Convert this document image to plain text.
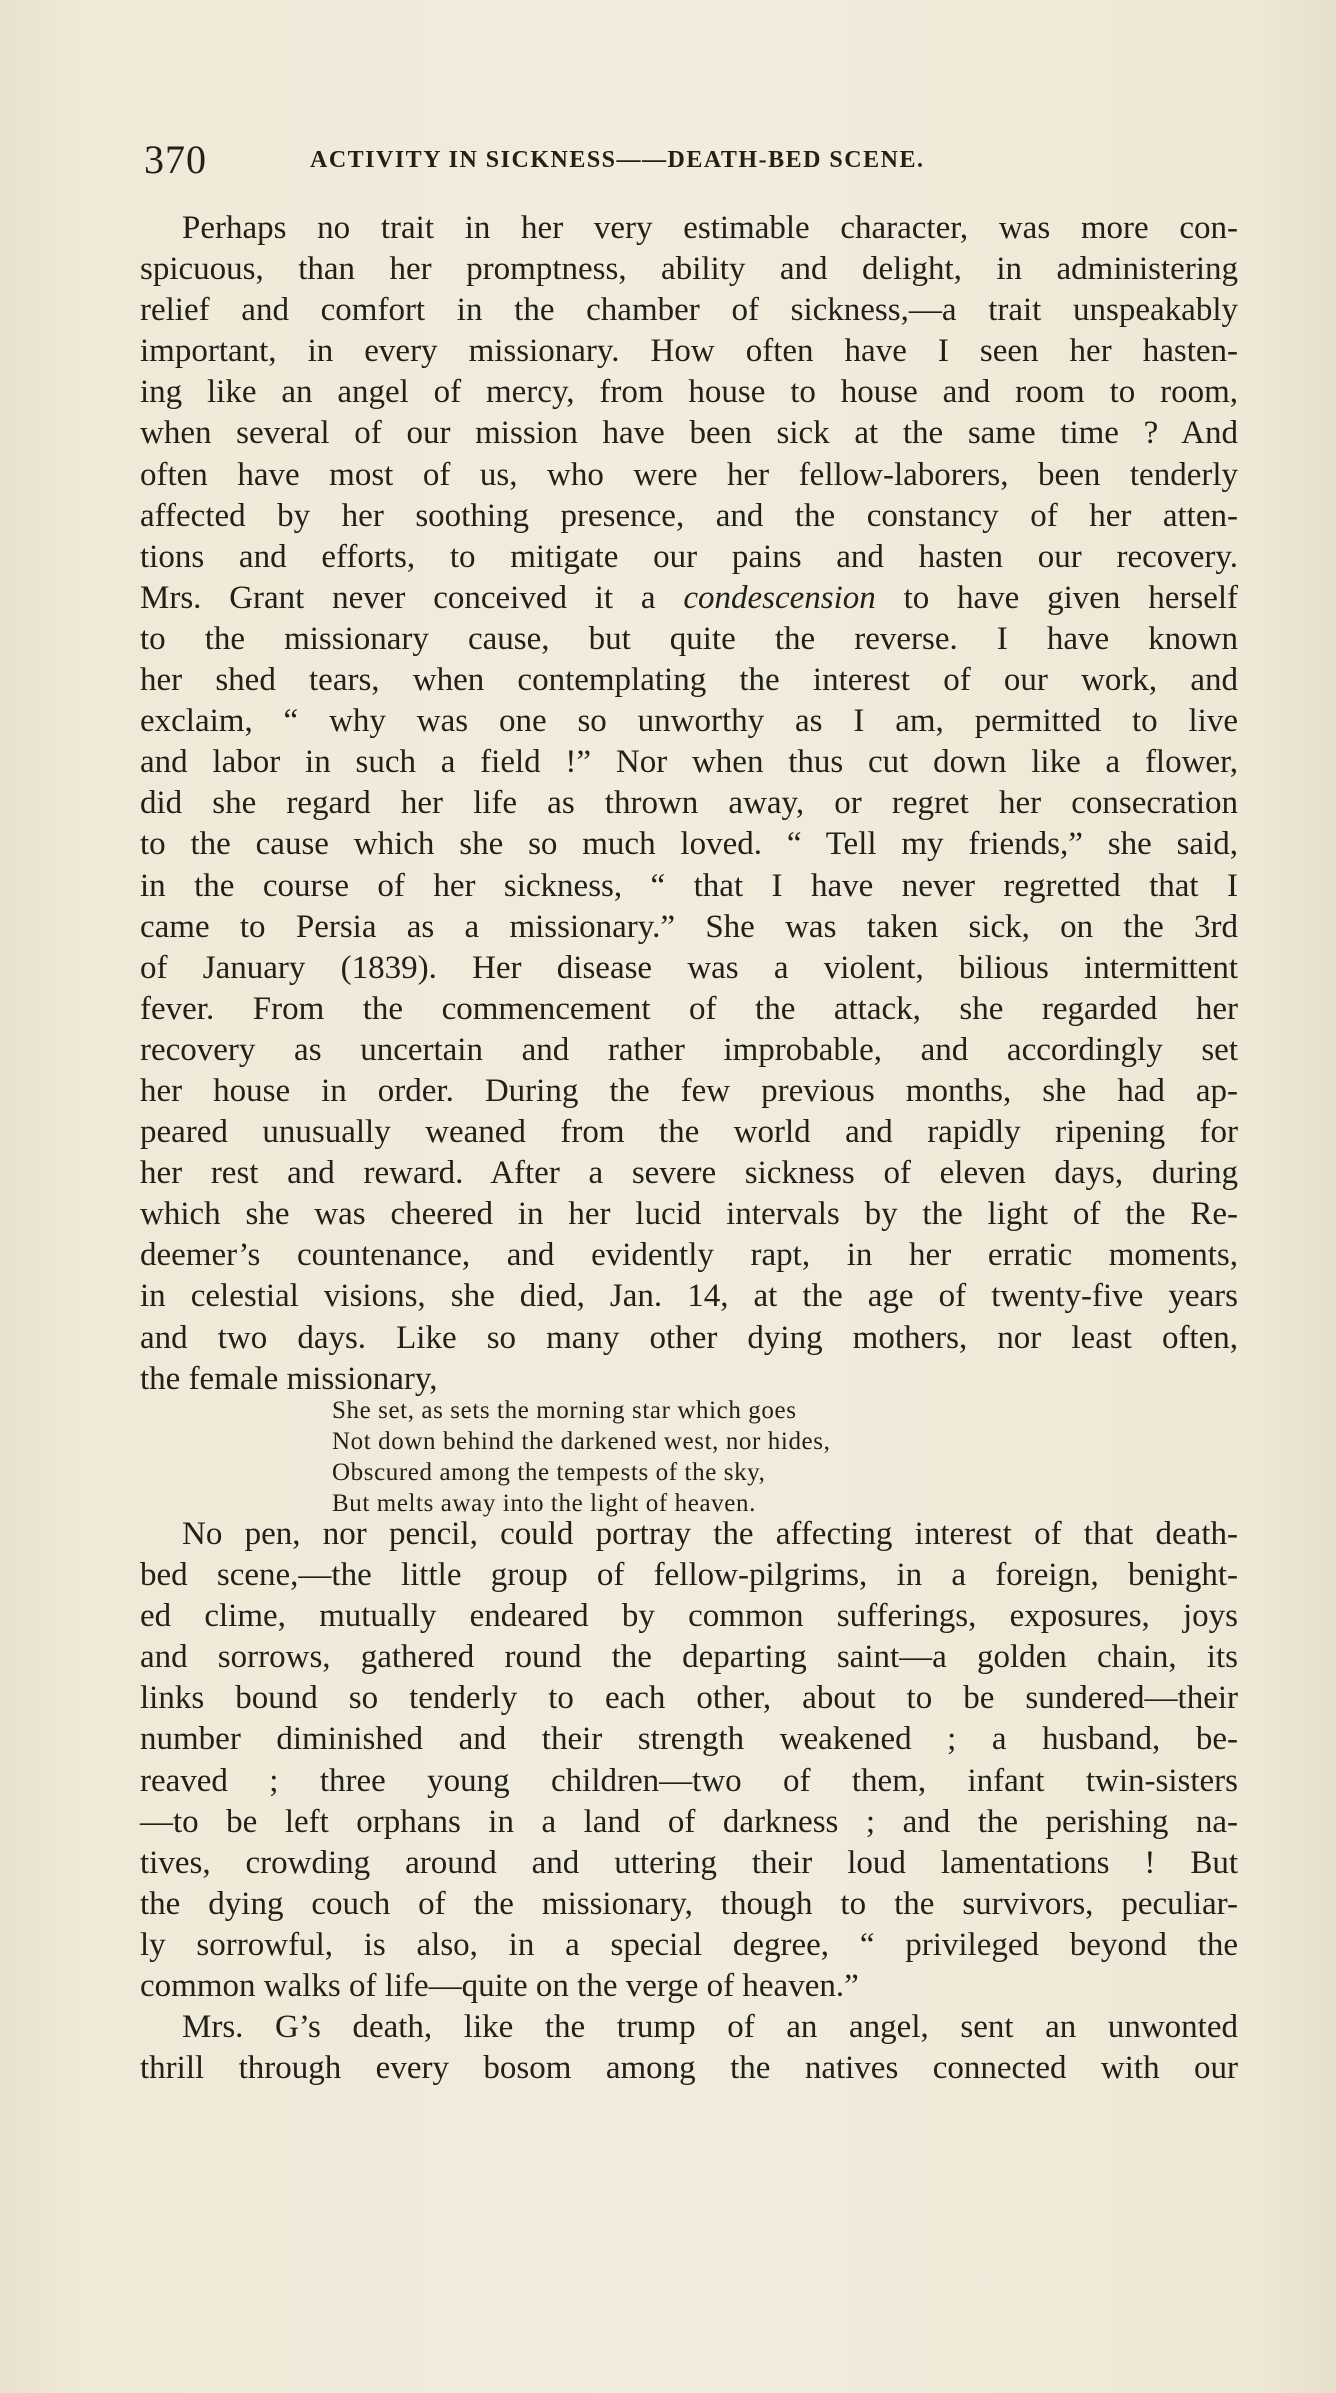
370	ACTIVITY IN SICKNESS——DEATH-BED SCENE.
Perhaps no trait in her very estimable character, was more con-
spicuous, than her promptness, ability and delight, in administering
relief and comfort in the chamber of sickness,—a trait unspeakably
important, in every missionary. How often have I seen her hasten-
ing like an angel of mercy, from house to house and room to room,
when several of our mission have been sick at the same time ? And
often have most of us, who were her fellow-laborers, been tenderly
affected by her soothing presence, and the constancy of her atten-
tions and efforts, to mitigate our pains and hasten our recovery.
Mrs. Grant never conceived it a condescension to have given herself
to the missionary cause, but quite the reverse. I have known
her shed tears, when contemplating the interest of our work, and
exclaim, “ why was one so unworthy as I am, permitted to live
and labor in such a field !” Nor when thus cut down like a flower,
did she regard her life as thrown away, or regret her consecration
to the cause which she so much loved. “ Tell my friends,” she said,
in the course of her sickness, “ that I have never regretted that I
came to Persia as a missionary.” She was taken sick, on the 3rd
of January (1839). Her disease was a violent, bilious intermittent
fever. From the commencement of the attack, she regarded her
recovery as uncertain and rather improbable, and accordingly set
her house in order. During the few previous months, she had ap-
peared unusually weaned from the world and rapidly ripening for
her rest and reward. After a severe sickness of eleven days, during
which she was cheered in her lucid intervals by the light of the Re-
deemer’s countenance, and evidently rapt, in her erratic moments,
in celestial visions, she died, Jan. 14, at the age of twenty-five years
and two days. Like so many other dying mothers, nor least often,
the female missionary,
She set, as sets the morning star which goes
Not down behind the darkened west, nor hides,
Obscured among the tempests of the sky,
But melts away into the light of heaven.
No pen, nor pencil, could portray the affecting interest of that death-
bed scene,—the little group of fellow-pilgrims, in a foreign, benight-
ed clime, mutually endeared by common sufferings, exposures, joys
and sorrows, gathered round the departing saint—a golden chain, its
links bound so tenderly to each other, about to be sundered—their
number diminished and their strength weakened ; a husband, be-
reaved ; three young children—two of them, infant twin-sisters
—to be left orphans in a land of darkness ; and the perishing na-
tives, crowding around and uttering their loud lamentations ! But
the dying couch of the missionary, though to the survivors, peculiar-
ly sorrowful, is also, in a special degree, “ privileged beyond the
common walks of life—quite on the verge of heaven.”
Mrs. G’s death, like the trump of an angel, sent an unwonted
thrill through every bosom among the natives connected with our
